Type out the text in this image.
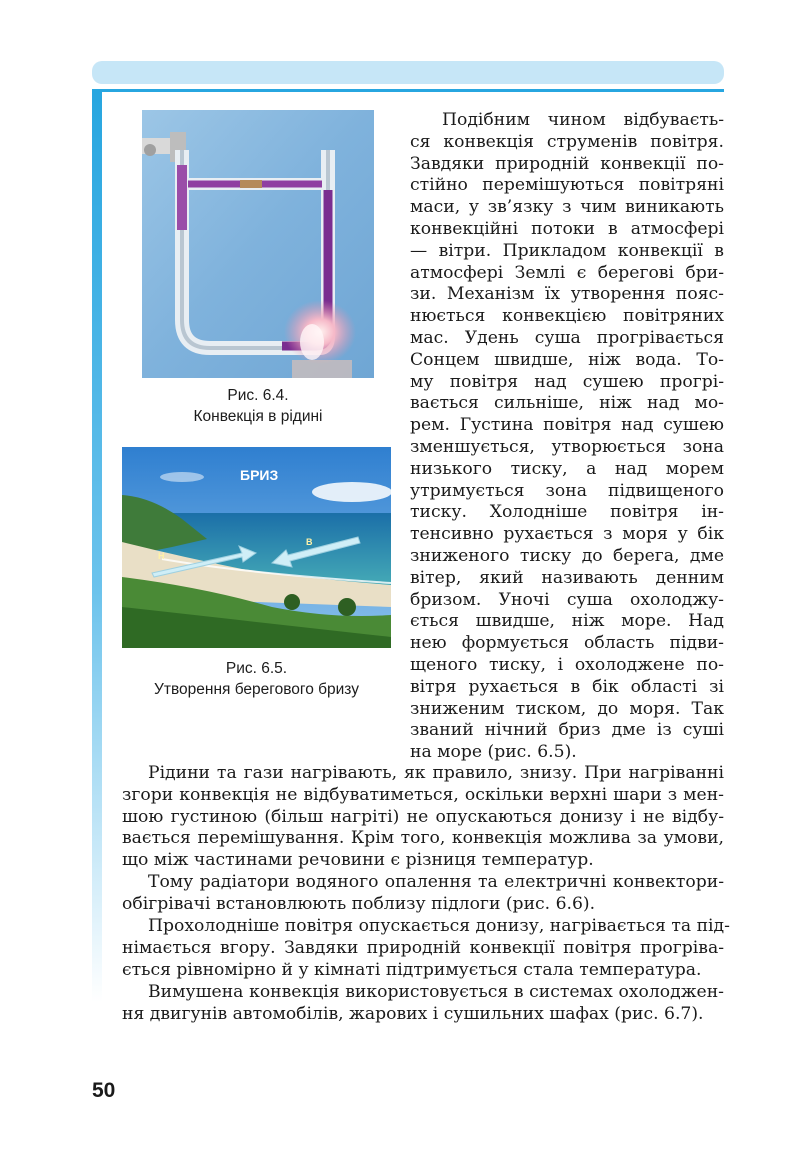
Рис. 6.4.
Конвекція в рідині
БРИЗ
Н
В
Рис. 6.5.
Утворення берегового бризу
Подібним чином відбуваєть-
ся конвекція струменів повітря.
Завдяки природній конвекції по-
стійно перемішуються повітряні
маси, у зв’язку з чим виникають
конвекційні потоки в атмосфері
— вітри. Прикладом конвекції в
атмосфері Землі є берегові бри-
зи. Механізм їх утворення пояс-
нюється конвекцією повітряних
мас. Удень суша прогрівається
Сонцем швидше, ніж вода. То-
му повітря над сушею прогрі-
вається сильніше, ніж над мо-
рем. Густина повітря над сушею
зменшується, утворюється зона
низького тиску, а над морем
утримується зона підвищеного
тиску. Холодніше повітря ін-
тенсивно рухається з моря у бік
зниженого тиску до берега, дме
вітер, який називають денним
бризом. Уночі суша охолоджу-
ється швидше, ніж море. Над
нею формується область підви-
щеного тиску, і охолоджене по-
вітря рухається в бік області зі
зниженим тиском, до моря. Так
званий нічний бриз дме із суші
на море (рис. 6.5).
Рідини та гази нагрівають, як правило, знизу. При нагріванні
згори конвекція не відбуватиметься, оскільки верхні шари з мен-
шою густиною (більш нагріті) не опускаються донизу і не відбу-
вається перемішування. Крім того, конвекція можлива за умови,
що між частинами речовини є різниця температур.
Тому радіатори водяного опалення та електричні конвектори-
обігрівачі встановлюють поблизу підлоги (рис. 6.6).
Прохолодніше повітря опускається донизу, нагрівається та під-
німається вгору. Завдяки природній конвекції повітря прогріва-
ється рівномірно й у кімнаті підтримується стала температура.
Вимушена конвекція використовується в системах охолоджен-
ня двигунів автомобілів, жарових і сушильних шафах (рис. 6.7).
50
